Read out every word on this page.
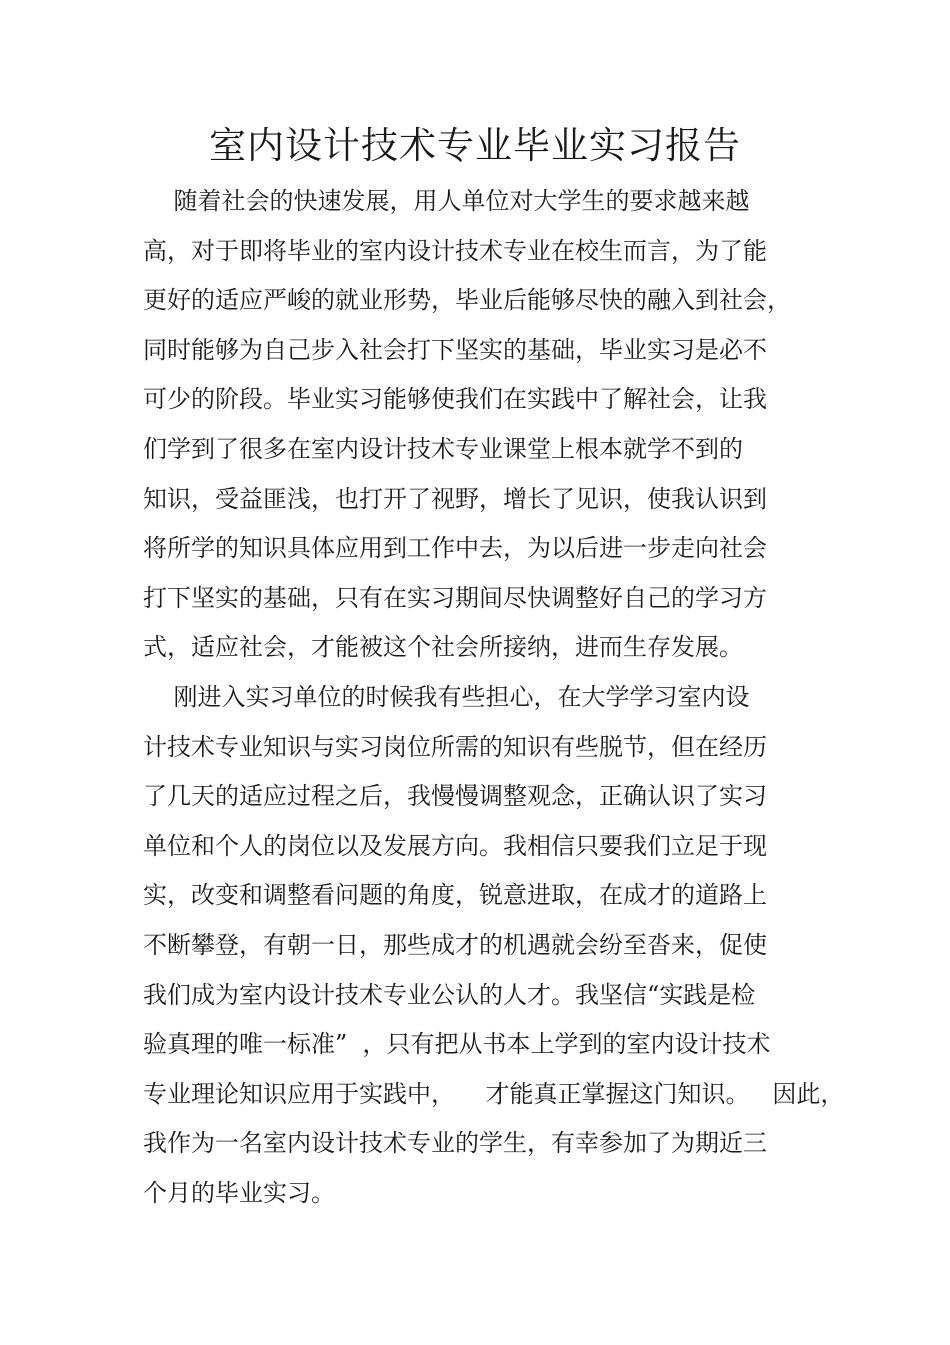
室内设计技术专业毕业实习报告
随着社会的快速发展，用人单位对大学生的要求越来越
高，对于即将毕业的室内设计技术专业在校生而言，为了能
更好的适应严峻的就业形势，毕业后能够尽快的融入到社会，
同时能够为自己步入社会打下坚实的基础，毕业实习是必不
可少的阶段。毕业实习能够使我们在实践中了解社会，让我
们学到了很多在室内设计技术专业课堂上根本就学不到的
知识，受益匪浅，也打开了视野，增长了见识，使我认识到
将所学的知识具体应用到工作中去，为以后进一步走向社会
打下坚实的基础，只有在实习期间尽快调整好自己的学习方
式，适应社会，才能被这个社会所接纳，进而生存发展。
刚进入实习单位的时候我有些担心，在大学学习室内设
计技术专业知识与实习岗位所需的知识有些脱节，但在经历
了几天的适应过程之后，我慢慢调整观念，正确认识了实习
单位和个人的岗位以及发展方向。我相信只要我们立足于现
实，改变和调整看问题的角度，锐意进取，在成才的道路上
不断攀登，有朝一日，那些成才的机遇就会纷至沓来，促使
我们成为室内设计技术专业公认的人才。我坚信“实践是检
验真理的唯一标准”  ，只有把从书本上学到的室内设计技术
专业理论知识应用于实践中，    才能真正掌握这门知识。   因此，
我作为一名室内设计技术专业的学生，有幸参加了为期近三
个月的毕业实习。
